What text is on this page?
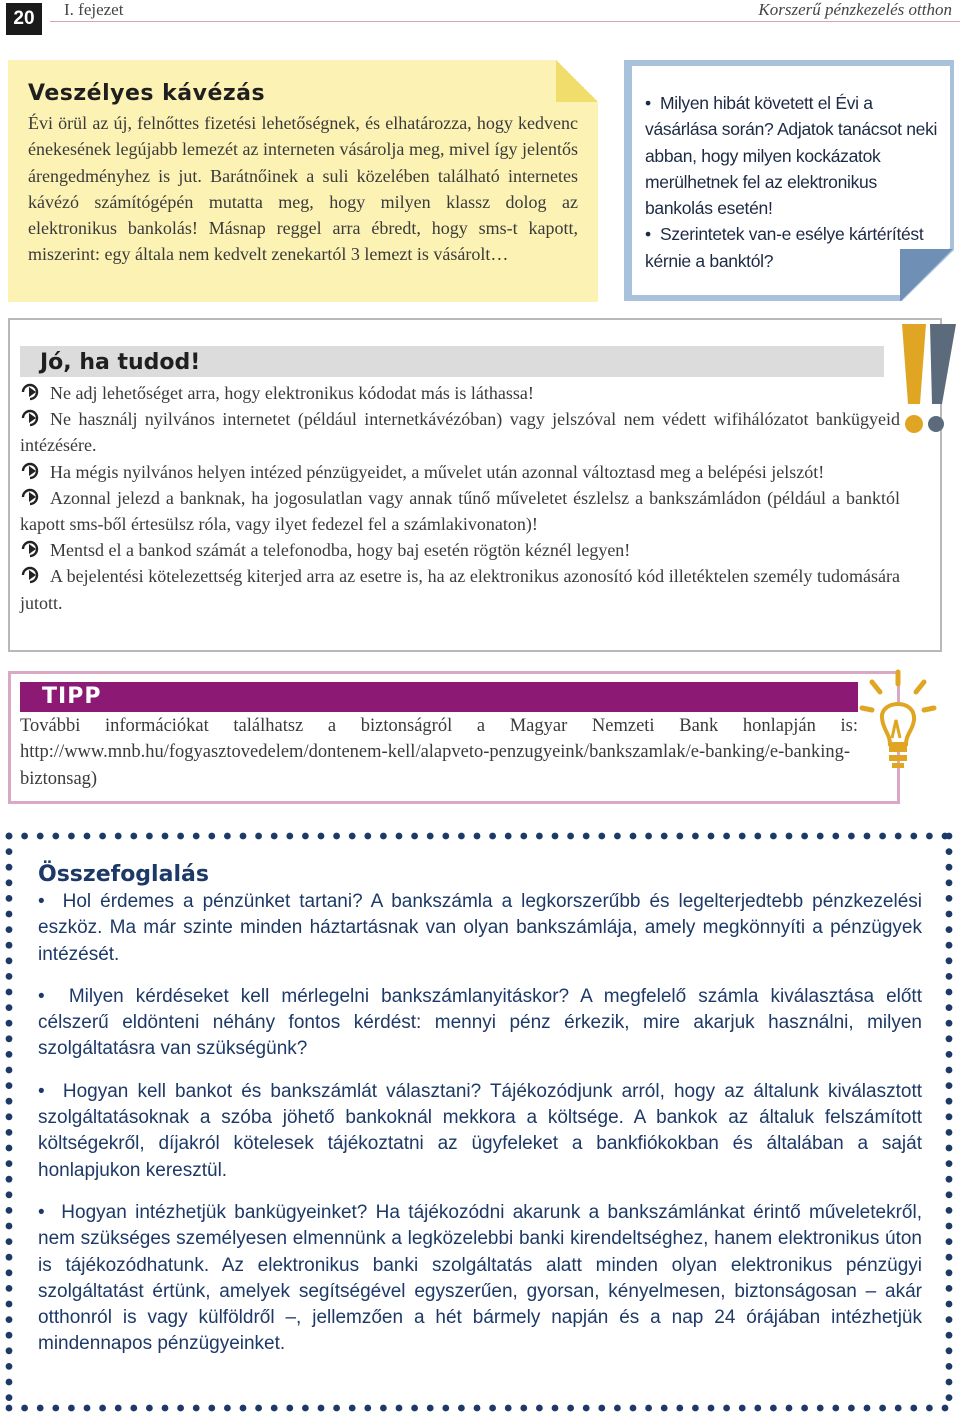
20	I. fejezet	Korszerű pénzkezelés otthon
Veszélyes kávézás
Évi örül az új, felnőttes fizetési lehetőségnek, és elhatározza, hogy kedvenc énekesének legújabb lemezét az interneten vásárolja meg, mivel így jelentős árengedményhez is jut. Barátnőinek a suli közelében található internetes kávézó számítógépén mutatta meg, hogy milyen klassz dolog az elektronikus bankolás! Másnap reggel arra ébredt, hogy sms-t kapott, miszerint: egy általa nem kedvelt zenekartól 3 lemezt is vásárolt…
•  Milyen hibát követett el Évi a vásárlása során? Adjatok tanácsot neki abban, hogy milyen kockázatok merülhetnek fel az elektronikus bankolás esetén!
•  Szerintetek van-e esélye kártérítést kérnie a banktól?
Jó, ha tudod!
Ne adj lehetőséget arra, hogy elektronikus kódodat más is láthassa!
Ne használj nyilvános internetet (például internetkávézóban) vagy jelszóval nem védett wifihálózatot bankügyeid intézésére.
Ha mégis nyilvános helyen intézed pénzügyeidet, a művelet után azonnal változtasd meg a belépési jelszót!
Azonnal jelezd a banknak, ha jogosulatlan vagy annak tűnő műveletet észlelsz a bankszámládon (például a banktól kapott sms-ből értesülsz róla, vagy ilyet fedezel fel a számlakivonaton)!
Mentsd el a bankod számát a telefonodba, hogy baj esetén rögtön kéznél legyen!
A bejelentési kötelezettség kiterjed arra az esetre is, ha az elektronikus azonosító kód illetéktelen személy tudomására jutott.
TIPP
További információkat találhatsz a biztonságról a Magyar Nemzeti Bank honlapján is: http://www.mnb.hu/fogyasztovedelem/dontenem-kell/alapveto-penzugyeink/bankszamlak/e-banking/e-banking-biztonsag)
Összefoglalás
•  Hol érdemes a pénzünket tartani? A bankszámla a legkorszerűbb és legelterjedtebb pénzkezelési eszköz. Ma már szinte minden háztartásnak van olyan bankszámlája, amely megkönnyíti a pénzügyek intézését.
•  Milyen kérdéseket kell mérlegelni bankszámlanyitáskor? A megfelelő számla kiválasztása előtt célszerű eldönteni néhány fontos kérdést: mennyi pénz érkezik, mire akarjuk használni, milyen szolgáltatásra van szükségünk?
•  Hogyan kell bankot és bankszámlát választani? Tájékozódjunk arról, hogy az általunk kiválasztott szolgáltatásoknak a szóba jöhető bankoknál mekkora a költsége. A bankok az általuk felszámított költségekről, díjakról kötelesek tájékoztatni az ügyfeleket a bankfiókokban és általában a saját honlapjukon keresztül.
•  Hogyan intézhetjük bankügyeinket? Ha tájékozódni akarunk a bankszámlánkat érintő műveletekről, nem szükséges személyesen elmennünk a legközelebbi banki kirendeltséghez, hanem elektronikus úton is tájékozódhatunk. Az elektronikus banki szolgáltatás alatt minden olyan elektronikus pénzügyi szolgáltatást értünk, amelyek segítségével egyszerűen, gyorsan, kényelmesen, biztonságosan – akár otthonról is vagy külföldről –, jellemzően a hét bármely napján és a nap 24 órájában intézhetjük mindennapos pénzügyeinket.
